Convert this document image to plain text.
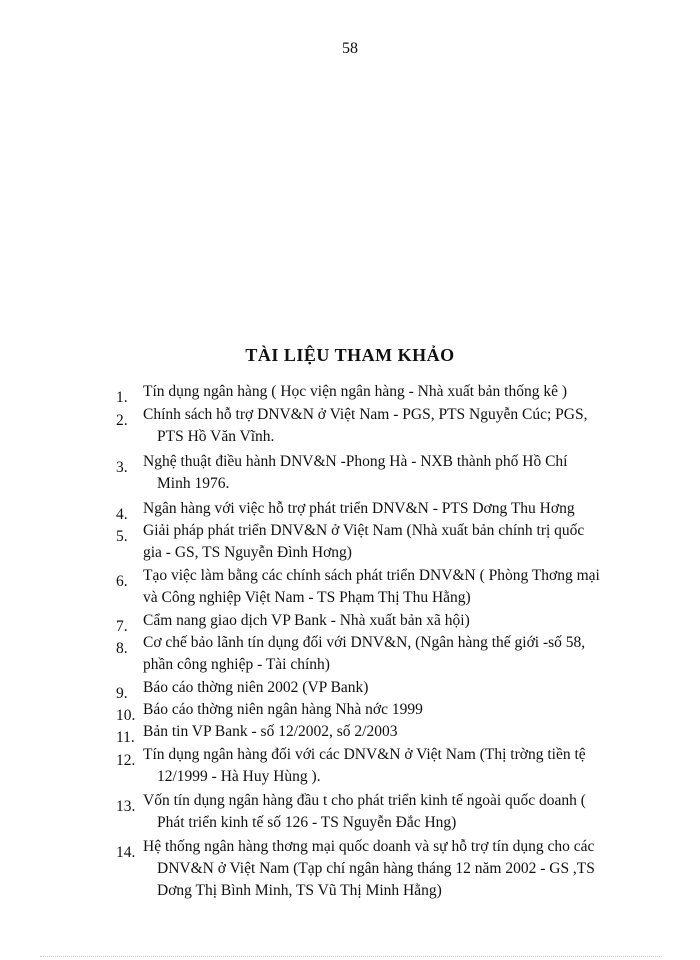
58
TÀI LIỆU THAM KHẢO
1. Tín dụng ngân hàng ( Học viện ngân hàng - Nhà xuất bản thống kê )
2. Chính sách hỗ trợ DNV&N ở Việt Nam - PGS, PTS Nguyễn Cúc; PGS,
PTS Hồ Văn Vĩnh.
3. Nghệ thuật điều hành DNV&N -Phong Hà - NXB thành phố Hồ Chí
Minh 1976.
4. Ngân hàng với việc hỗ trợ phát triển DNV&N - PTS Dơng Thu Hơng
5. Giải pháp phát triển DNV&N ở Việt Nam (Nhà xuất bản chính trị quốc
gia - GS, TS Nguyễn Đình Hơng)
6. Tạo việc làm bằng các chính sách phát triển DNV&N ( Phòng Thơng mại
và Công nghiệp Việt Nam - TS Phạm Thị Thu Hằng)
7. Cẩm nang giao dịch VP Bank - Nhà xuất bản xã hội)
8. Cơ chế bảo lãnh tín dụng đối với DNV&N, (Ngân hàng thế giới -số 58,
phần công nghiệp - Tài chính)
9. Báo cáo thờng niên 2002 (VP Bank)
10. Báo cáo thờng niên ngân hàng Nhà nớc 1999
11. Bản tin VP Bank - số 12/2002, số 2/2003
12. Tín dụng ngân hàng đối với các DNV&N ở Việt Nam (Thị trờng tiền tệ
12/1999 - Hà Huy Hùng ).
13. Vốn tín dụng ngân hàng đầu t cho phát triển kinh tế ngoài quốc doanh (
Phát triển kinh tế số 126 - TS Nguyễn Đắc Hng)
14. Hệ thống ngân hàng thơng mại quốc doanh và sự hỗ trợ tín dụng cho các
DNV&N ở Việt Nam (Tạp chí ngân hàng tháng 12 năm 2002 - GS ,TS
Dơng Thị Bình Minh, TS Vũ Thị Minh Hằng)
